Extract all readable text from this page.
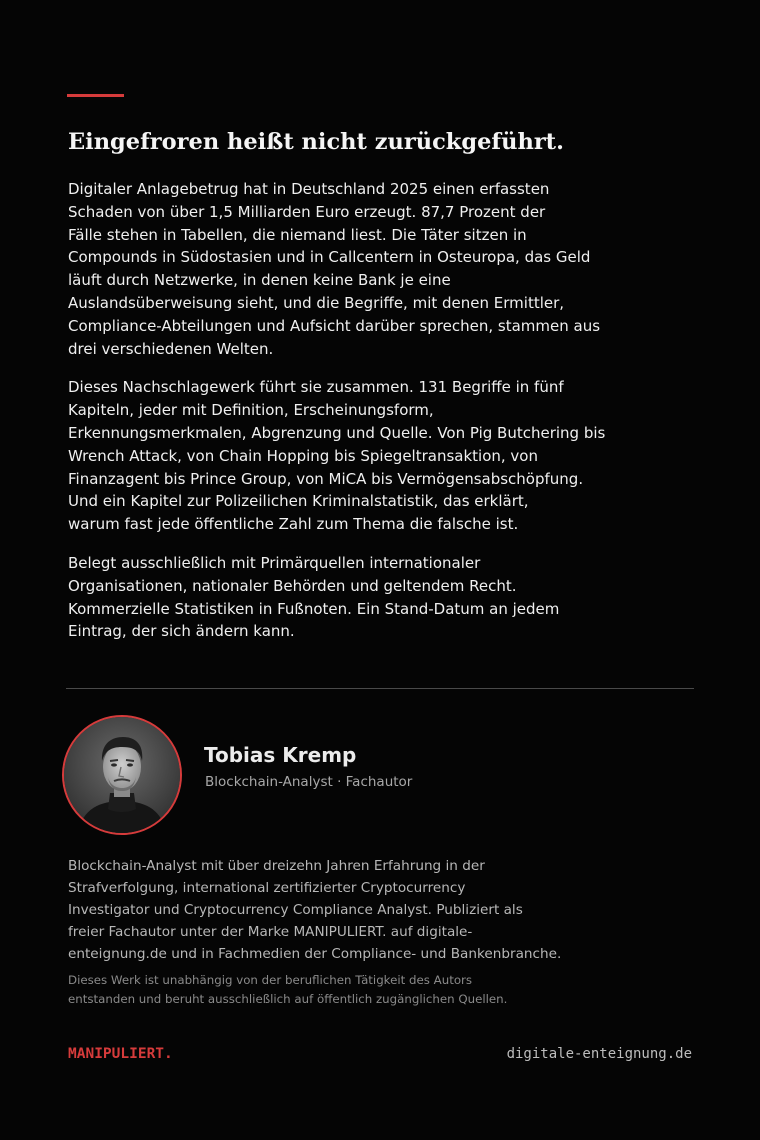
Eingefroren heißt nicht zurückgeführt.

Digitaler Anlagebetrug hat in Deutschland 2025 einen erfassten
Schaden von über 1,5 Milliarden Euro erzeugt. 87,7 Prozent der
Fälle stehen in Tabellen, die niemand liest. Die Täter sitzen in
Compounds in Südostasien und in Callcentern in Osteuropa, das Geld
läuft durch Netzwerke, in denen keine Bank je eine
Auslandsüberweisung sieht, und die Begriffe, mit denen Ermittler,
Compliance-Abteilungen und Aufsicht darüber sprechen, stammen aus
drei verschiedenen Welten.

Dieses Nachschlagewerk führt sie zusammen. 131 Begriffe in fünf
Kapiteln, jeder mit Definition, Erscheinungsform,
Erkennungsmerkmalen, Abgrenzung und Quelle. Von Pig Butchering bis
Wrench Attack, von Chain Hopping bis Spiegeltransaktion, von
Finanzagent bis Prince Group, von MiCA bis Vermögensabschöpfung.
Und ein Kapitel zur Polizeilichen Kriminalstatistik, das erklärt,
warum fast jede öffentliche Zahl zum Thema die falsche ist.

Belegt ausschließlich mit Primärquellen internationaler
Organisationen, nationaler Behörden und geltendem Recht.
Kommerzielle Statistiken in Fußnoten. Ein Stand-Datum an jedem
Eintrag, der sich ändern kann.

Tobias Kremp
Blockchain-Analyst · Fachautor
Blockchain-Analyst mit über dreizehn Jahren Erfahrung in der
Strafverfolgung, international zertifizierter Cryptocurrency
Investigator und Cryptocurrency Compliance Analyst. Publiziert als
freier Fachautor unter der Marke MANIPULIERT. auf digitale-
enteignung.de und in Fachmedien der Compliance- und Bankenbranche.
Dieses Werk ist unabhängig von der beruflichen Tätigkeit des Autors
entstanden und beruht ausschließlich auf öffentlich zugänglichen Quellen.
MANIPULIERT.	digitale-enteignung.de
